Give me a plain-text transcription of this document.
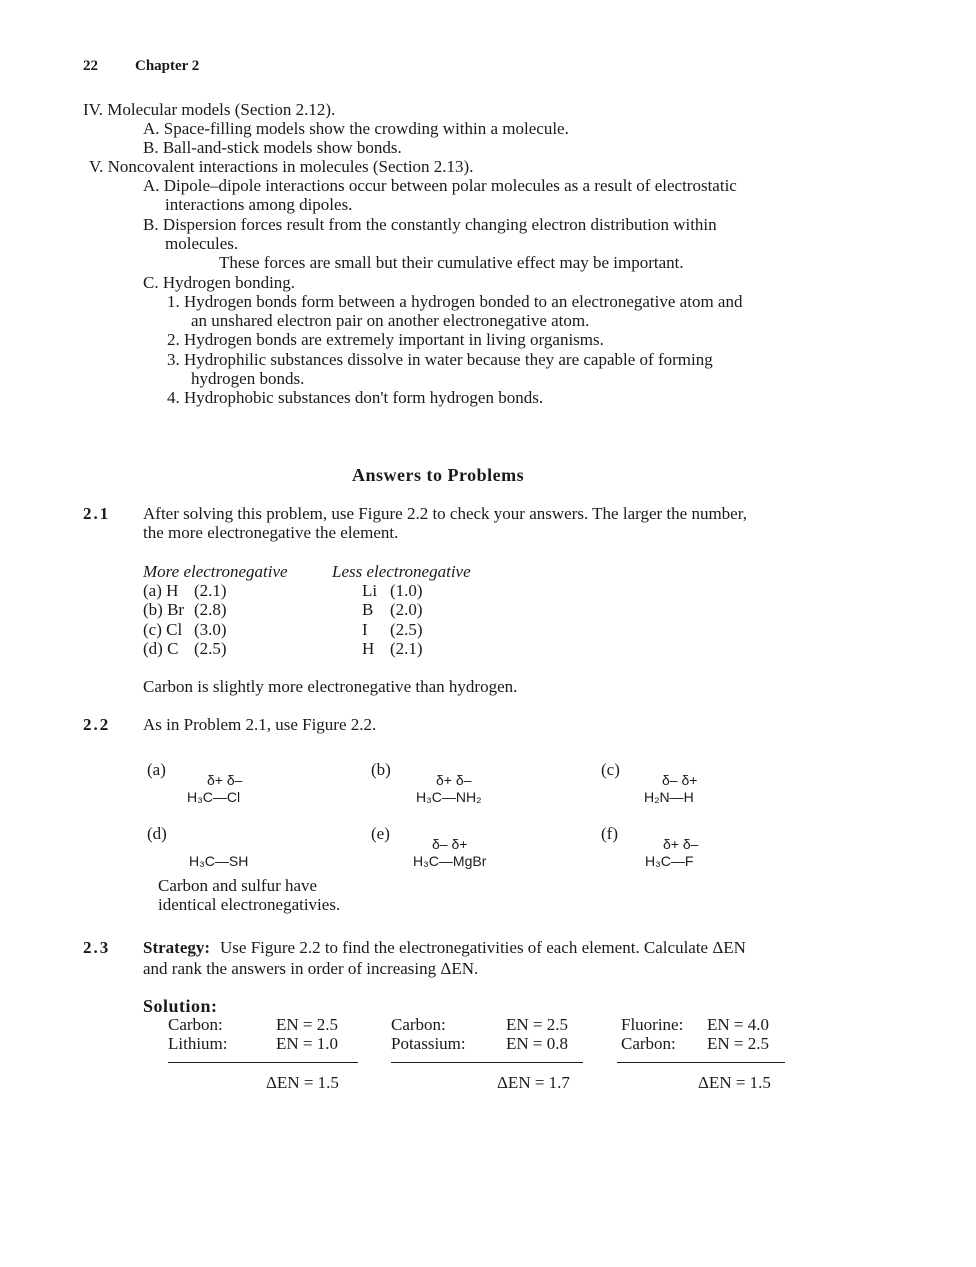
22 Chapter 2
IV. Molecular models (Section 2.12).
A. Space-filling models show the crowding within a molecule.
B. Ball-and-stick models show bonds.
V. Noncovalent interactions in molecules (Section 2.13).
A. Dipole–dipole interactions occur between polar molecules as a result of electrostatic
interactions among dipoles.
B. Dispersion forces result from the constantly changing electron distribution within
molecules.
These forces are small but their cumulative effect may be important.
C. Hydrogen bonding.
1. Hydrogen bonds form between a hydrogen bonded to an electronegative atom and
an unshared electron pair on another electronegative atom.
2. Hydrogen bonds are extremely important in living organisms.
3. Hydrophilic substances dissolve in water because they are capable of forming
hydrogen bonds.
4. Hydrophobic substances don't form hydrogen bonds.
Answers to Problems
2.1 After solving this problem, use Figure 2.2 to check your answers. The larger the number,
the more electronegative the element.
More electronegative	Less electronegative
(a) H (2.1)	Li (1.0)
(b) Br (2.8)	B (2.0)
(c) Cl (3.0)	I (2.5)
(d) C (2.5)	H (2.1)
Carbon is slightly more electronegative than hydrogen.
2.2 As in Problem 2.1, use Figure 2.2.
(a)
δ+ δ–
H₃C—Cl
(b)
δ+ δ–
H₃C—NH₂
(c)
δ– δ+
H₂N—H
(d)
H₃C—SH
Carbon and sulfur have
identical electronegativies.
(e)
δ– δ+
H₃C—MgBr
(f)
δ+ δ–
H₃C—F
2.3 Strategy: Use Figure 2.2 to find the electronegativities of each element. Calculate ΔEN
and rank the answers in order of increasing ΔEN.
Solution:
Carbon:	EN = 2.5
Lithium:	EN = 1.0
ΔEN = 1.5
Carbon:	EN = 2.5
Potassium: EN = 0.8
ΔEN = 1.7
Fluorine: EN = 4.0
Carbon: EN = 2.5
ΔEN = 1.5
